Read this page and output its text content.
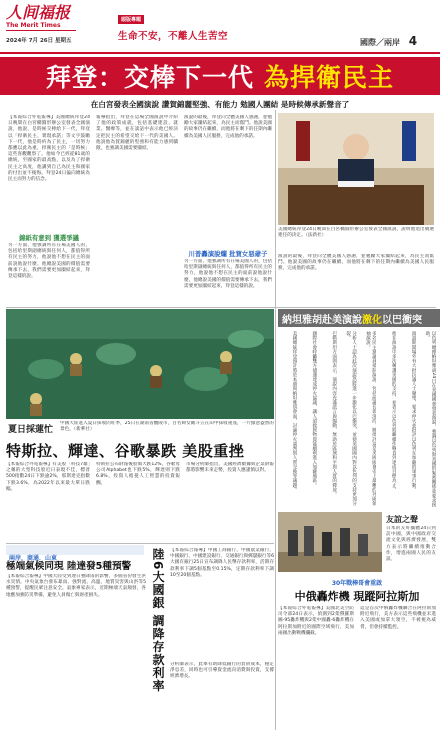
人间福报
The Merit Times
2024年 7月 26日 星期五
頭版專題
生命不安，不離人生苦空
國際／兩岸 4
拜登：交棒下一代 為捍衛民主
在白宮發表全國演說 讚賀錦麗堅強、有能力 勉國人團結 是時候傳承新聲音了
【本報綜合外電報導】美國總統拜登24日晚間在白宮橢圓形辦公室發表全國演說，他說，是時候交棒給下一代，拜登以「捍衛民主、實現承諾」等文字鼓勵下一代，他是時約為了民主，一切努力都應以此為重，捍衛民主的「是時候」這些客觀觀察了。他如今已經從81歲的總統，至國家的最高點，以及為了捍衛民主之高度，他講到自己為民主和國家的付出並不後悔。拜登24日偏向總統為民主而努力的信念。
錦紙有意到 獲選爭議
另一方面，他強調所有在場美國人的，包括哈里斯副總統與任何人，都值得所有民主的努力，他說他不想在民主的面前說他說什麼、他總說美國的價值需要傳承下去，我們需要更加團結起來，拜登這樣的說。
報導指出，拜登在這場全國演說中介紹了他的政策成就，包括基礎建設、就業、醫療等，並在談話中表示他已經決定把民主的希望交給下一代的美國人。他說他為賀錦麗的堅強和有能力感到驕傲，也強調美國需要團結。
演說的最後，拜登向全體美國人感謝，並勉勵大家團結起來，為民主而奮鬥。他說美國的故事仍在繼續，而他將在剩下的任期內繼續為美國人民服務，完成他的承諾。
川普轟演說爛 批賀女惡爺子
另一方面，他強調所有在場美國人的，包括哈里斯副總統與任何人，都值得所有民主的努力，他說他不想在民主的面前說他說什麼、他總說美國的價值需要傳承下去，我們需要更加團結起來，拜登這樣的說。
美國總統拜登24日晚間在白宮橢圓形辦公室發表全國演說，說明他退出競選連任的決定。（法新社）
演說的最後，拜登向全體美國人感謝，並勉勵大家團結起來，為民主而奮鬥。他說美國的故事仍在繼續，而他將在剩下的任期內繼續為美國人民服務，完成他的承諾。
納坦雅胡赴美演說 激化 以巴衝突
以色列總理納坦雅胡24日在美國國會發表演說，強調以色列與美國的緊密關係並要求援助。
演說期間場外有大批抗議人士聚集，要求停火並批評以色列在加薩的軍事行動。
他在演說中多次稱讚美國的支持，並表示以色列將繼續作戰直到達成目標為止。
多名民主黨議員抵制演說，包括前議長裴洛西，她批評這是美國國會史上最糟的外國領袖演說。
分析人士認為此次演說恐將進一步激化以巴衝突，並使美國國內對以色列的支持更加分裂。
巴勒斯坦方面則表示，演說內容充滿謊言與煽動，無助於區域和平與人質的釋放。
國際社會呼籲雙方儘速達成停火協議，讓人道救援物資能順利進入加薩地區。
美國總統拜登預計將於本週與納坦雅胡會面，討論停火談判與人質交換等議題。
夏日採蓮忙
中國大陸進入夏日採收的旺季，25日在湖南省醴陵市，百名婦女戴斗笠在田中採收蓮蓬，一片綠意盎然的景色。（新華社）
特斯拉、輝達、谷歌暴跌 美股重挫
【本報綜合外電報導】有美股「科技7雄」之稱的大型科技股近日表現不佳，標普500指數24日下跌逾2%，那斯達克指數下跌3.6%，為2022年以來最大單日跌幅。
特斯拉公布財報後股價大跌12%，谷歌母公司Alphabet也下跌5%，輝達則下跌6.8%，投資人擔憂人工智慧的投資報酬。
市場分析師指出，美國經濟數據與企業財報都將影響未來走勢，投資人應謹慎以對。
友誼之聲
日本的友好團體24日到訪中國，與中國政府交流文化與經濟發展，雙方表示將繼續推動合作，增進兩國人民的友誼。
兩岸．商通．山東
極端氣候同現 陸達發5種預警
【本報綜合報導】中國大陸受到連日強降雨的影響，多個省份發生洪水災情。中央氣象台發布暴雨、強對流、高溫、地質災害與山洪等5種預警，提醒民眾注意安全。氣象專家表示，近期極端天氣頻發，各地應加強防災準備，避免人員傷亡與財產損失。	陸6大國銀 調降存款利率	【本報綜合報導】中國工商銀行、中國農業銀行、中國銀行、中國建設銀行、交通銀行與郵儲銀行等6大國有銀行25日宣布調降人民幣存款利率，活期存款利率下調5個基點至0.15%，定期存款利率下調10至20個基點。
分析師表示，此舉有助降低銀行的負債成本，穩定淨息差，同時也可引導資金流向消費與投資，支撐經濟增長。
30年戰棒哥會重啟
中俄轟炸機 現蹤阿拉斯加
【本報綜合外電報導】美國北美空防司令部24日表示，偵測到2架俄羅斯圖-95轟炸機與2架中國轟-6轟炸機在阿拉斯加附近的國際空域飛行，美加兩國出動戰機攔截。
這是首次中俄轟炸機聯合在阿拉斯加附近飛行，美方表示這些飛機並未進入美國或加拿大領空，不被視為威脅，但會持續監控。
